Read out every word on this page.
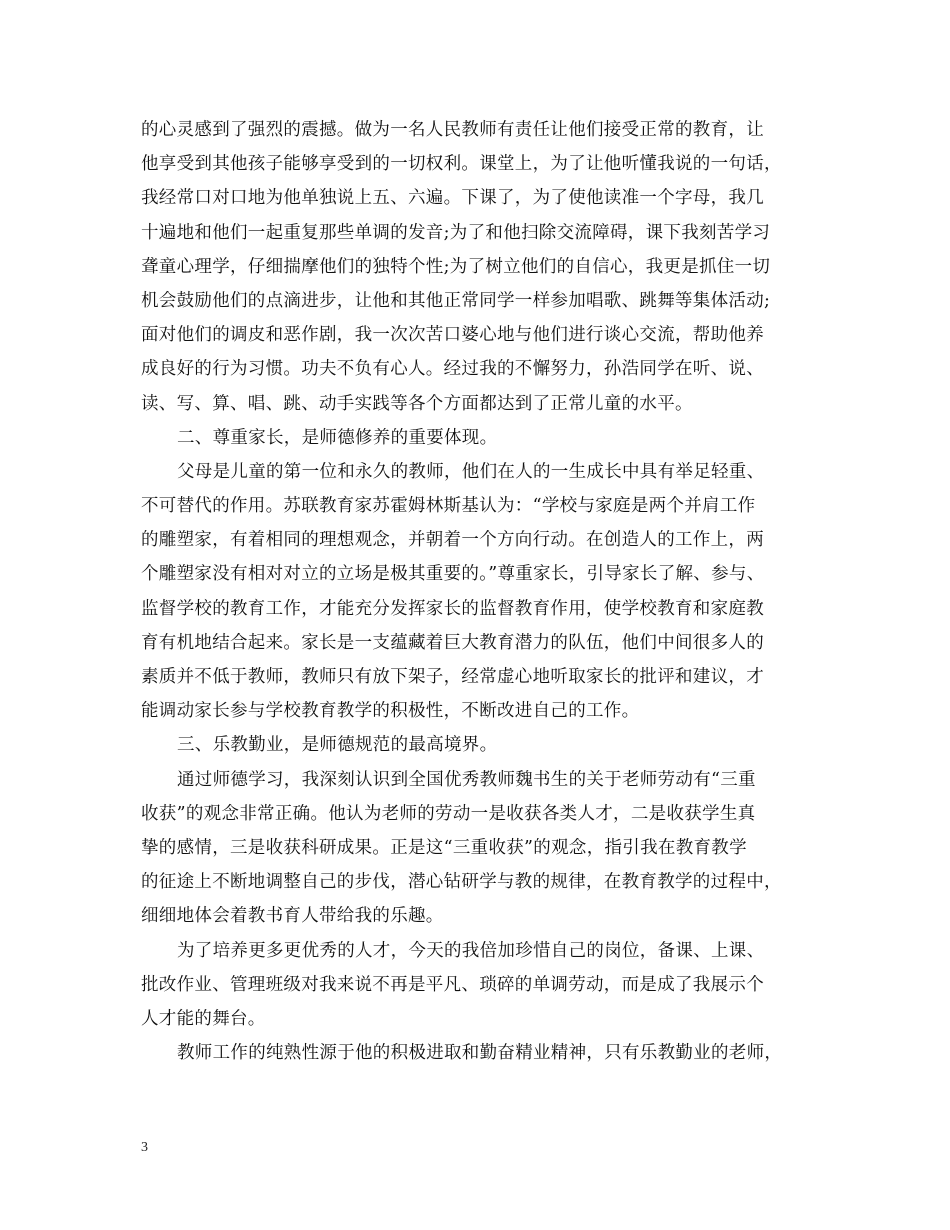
的心灵感到了强烈的震撼。做为一名人民教师有责任让他们接受正常的教育，让
他享受到其他孩子能够享受到的一切权利。课堂上，为了让他听懂我说的一句话，
我经常口对口地为他单独说上五、六遍。下课了，为了使他读准一个字母，我几
十遍地和他们一起重复那些单调的发音;为了和他扫除交流障碍，课下我刻苦学习
聋童心理学，仔细揣摩他们的独特个性;为了树立他们的自信心，我更是抓住一切
机会鼓励他们的点滴进步，让他和其他正常同学一样参加唱歌、跳舞等集体活动;
面对他们的调皮和恶作剧，我一次次苦口婆心地与他们进行谈心交流，帮助他养
成良好的行为习惯。功夫不负有心人。经过我的不懈努力，孙浩同学在听、说、
读、写、算、唱、跳、动手实践等各个方面都达到了正常儿童的水平。
二、尊重家长，是师德修养的重要体现。
父母是儿童的第一位和永久的教师，他们在人的一生成长中具有举足轻重、
不可替代的作用。苏联教育家苏霍姆林斯基认为：“学校与家庭是两个并肩工作
的雕塑家，有着相同的理想观念，并朝着一个方向行动。在创造人的工作上，两
个雕塑家没有相对对立的立场是极其重要的。”尊重家长，引导家长了解、参与、
监督学校的教育工作，才能充分发挥家长的监督教育作用，使学校教育和家庭教
育有机地结合起来。家长是一支蕴藏着巨大教育潜力的队伍，他们中间很多人的
素质并不低于教师，教师只有放下架子，经常虚心地听取家长的批评和建议，才
能调动家长参与学校教育教学的积极性，不断改进自己的工作。
三、乐教勤业，是师德规范的最高境界。
通过师德学习，我深刻认识到全国优秀教师魏书生的关于老师劳动有“三重
收获”的观念非常正确。他认为老师的劳动一是收获各类人才，二是收获学生真
挚的感情，三是收获科研成果。正是这“三重收获”的观念，指引我在教育教学
的征途上不断地调整自己的步伐，潜心钻研学与教的规律，在教育教学的过程中，
细细地体会着教书育人带给我的乐趣。
为了培养更多更优秀的人才，今天的我倍加珍惜自己的岗位，备课、上课、
批改作业、管理班级对我来说不再是平凡、琐碎的单调劳动，而是成了我展示个
人才能的舞台。
教师工作的纯熟性源于他的积极进取和勤奋精业精神，只有乐教勤业的老师，
3
